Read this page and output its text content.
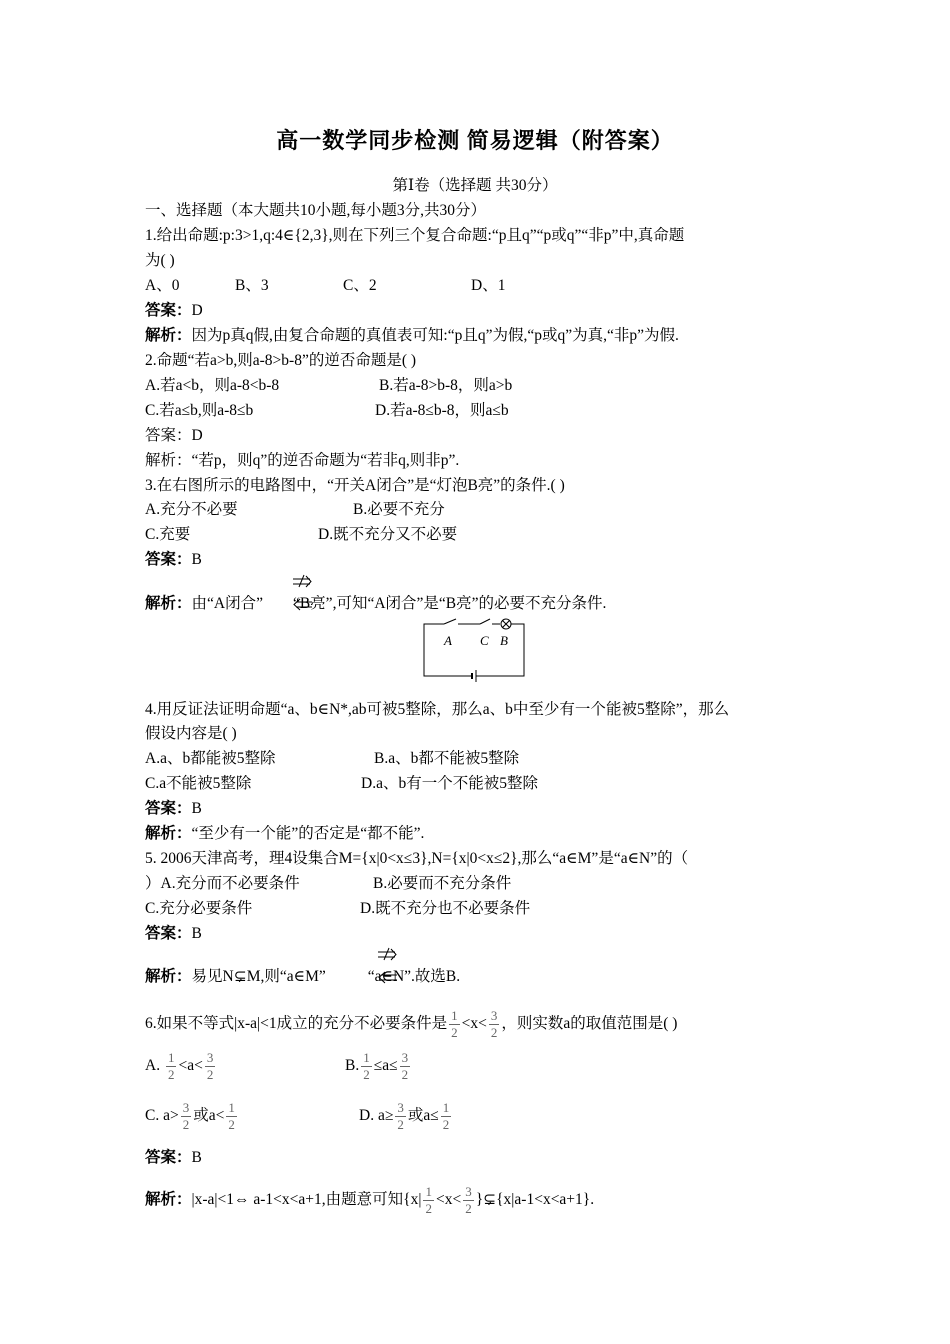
高一数学同步检测 简易逻辑（附答案）
第Ⅰ卷（选择题 共30分）
一、选择题（本大题共10小题,每小题3分,共30分）
1.给出命题:p:3>1,q:4∈{2,3},则在下列三个复合命题:“p且q”“p或q”“非p”中,真命题
为( )
A、0	B、3	C、2	D、1
答案：D
解析：因为p真q假,由复合命题的真值表可知:“p且q”为假,“p或q”为真,“非p”为假.
2.命题“若a>b,则a-8>b-8”的逆否命题是( )
A.若a<b，则a-8<b-8	B.若a-8>b-8，则a>b
C.若a≤b,则a-8≤b	D.若a-8≤b-8，则a≤b
答案：D
解析：“若p，则q”的逆否命题为“若非q,则非p”.
3.在右图所示的电路图中，“开关A闭合”是“灯泡B亮”的条件.( )
A.充分不必要	B.必要不充分
C.充要	D.既不充分又不必要
答案：B
解析：由“A闭合” “B亮”,可知“A闭合”是“B亮”的必要不充分条件.
A C B
4.用反证法证明命题“a、b∈N*,ab可被5整除，那么a、b中至少有一个能被5整除”，那么
假设内容是( )
A.a、b都能被5整除	B.a、b都不能被5整除
C.a不能被5整除	D.a、b有一个不能被5整除
答案：B
解析：“至少有一个能”的否定是“都不能”.
5. 2006天津高考，理4设集合M={x|0<x≤3},N={x|0<x≤2},那么“a∈M”是“a∈N”的（
）A.充分而不必要条件	B.必要而不充分条件
C.充分必要条件	D.既不充分也不必要条件
答案：B
解析：易见N⊊M,则“a∈M”	“a∈N”.故选B.
6.如果不等式|x-a|<1成立的充分不必要条件是 $\frac{1}{2} <x< \frac{3}{2}$ ，则实数a的取值范围是( )
A. $\frac{1}{2} <a< \frac{3}{2}$	B. $\frac{1}{2} \le a\le \frac{3}{2}$
C. $a> \frac{3}{2}$ 或$a< \frac{1}{2}$	D. $a\ge \frac{3}{2}$ 或$a\le \frac{1}{2}$
答案：B
解析：|x-a|<1⇔ a-1<x<a+1,由题意可知{$x| \frac{1}{2} <x< \frac{3}{2}$ }⊊{x|a-1<x<a+1}.
